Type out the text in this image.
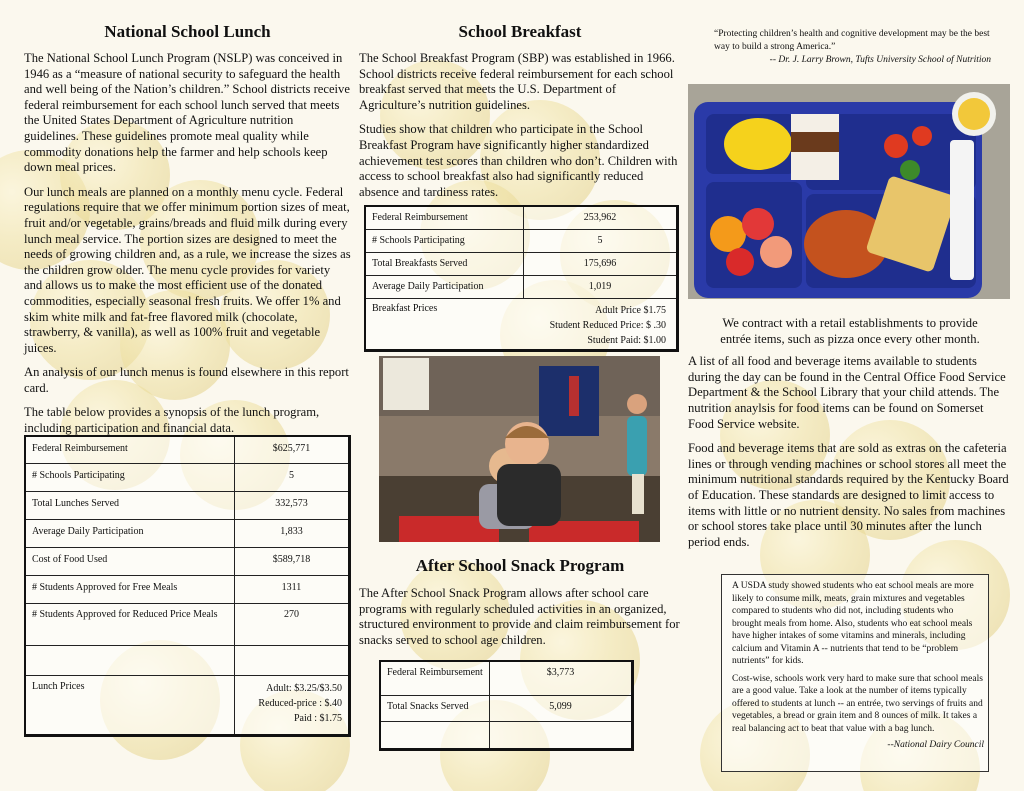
National School Lunch

The National School Lunch Program (NSLP) was conceived in 1946 as a “measure of national security to safeguard the health and well being of the Nation’s children.” School districts receive federal reimbursement for each school lunch served that meets the United States Department of Agriculture nutrition guidelines. These guidelines promote meal quality while commodity donations help the farmer and help schools keep down meal prices.

Our lunch meals are planned on a monthly menu cycle. Federal regulations require that we offer minimum portion sizes of meat, fruit and/or vegetable, grains/breads and fluid milk during every lunch meal service. The portion sizes are designed to meet the needs of growing children and, as a rule, we increase the sizes as the children grow older. The menu cycle provides for variety and allows us to make the most efficient use of the donated commodities, especially seasonal fresh fruits. We offer 1% and skim white milk and fat-free flavored milk (chocolate, strawberry, & vanilla), as well as 100% fruit and vegetable juices.

An analysis of our lunch menus is found elsewhere in this report card.

The table below provides a synopsis of the lunch program, including participation and financial data.

Federal Reimbursement	$625,771
# Schools Participating	5
Total Lunches Served	332,573
Average Daily Participation	1,833
Cost of Food Used	$589,718
# Students Approved for Free Meals	1311
# Students Approved for Reduced Price Meals	270

Lunch Prices	Adult: $3.25/$3.50
Reduced-price : $.40
Paid : $1.75
School Breakfast

The School Breakfast Program (SBP) was established in 1966. School districts receive federal reimbursement for each school breakfast served that meets the U.S. Department of Agriculture’s nutrition guidelines.

Studies show that children who participate in the School Breakfast Program have significantly higher standardized achievement test scores than children who don’t. Children with access to school breakfast also had significantly reduced absence and tardiness rates.

Federal Reimbursement	253,962
# Schools Participating	5
Total Breakfasts Served	175,696
Average Daily Participation	1,019
Breakfast Prices Adult Price $1.75
Student Reduced Price: $ .30
Student Paid: $1.00	
After School Snack Program

The After School Snack Program allows after school care programs with regularly scheduled activities in an organized, structured environment to provide and claim reimbursement for snacks served to school age children.

Federal Reimbursement	$3,773
Total Snacks Served	5,099

“Protecting children’s health and cognitive development may be the best way to build a strong America.”
-- Dr. J. Larry Brown, Tufts University School of Nutrition

We contract with a retail establishments to provide entrée items, such as pizza once every other month.

A list of all food and beverage items available to students during the day can be found in the Central Office Food Service Department & the School Library that your child attends. The nutrition anaylsis for food items can be found on Somerset Food Service website.

Food and beverage items that are sold as extras on the cafeteria lines or through vending machines or school stores all meet the minimum nutritional standards required by the Kentucky Board of Education. These standards are designed to limit access to items with little or no nutrient density. No sales from machines or school stores take place until 30 minutes after the lunch period ends.

A USDA study showed students who eat school meals are more likely to consume milk, meats, grain mixtures and vegetables compared to students who did not, including students who brought meals from home. Also, students who eat school meals have higher intakes of some vitamins and minerals, including calcium and Vitamin A -- nutrients that tend to be “problem nutrients” for kids.
Cost-wise, schools work very hard to make sure that school meals are a good value. Take a look at the number of items typically offered to students at lunch -- an entrée, two servings of fruits and vegetables, a bread or grain item and 8 ounces of milk. It takes a real balancing act to beat that value with a bag lunch.
--National Dairy Council
